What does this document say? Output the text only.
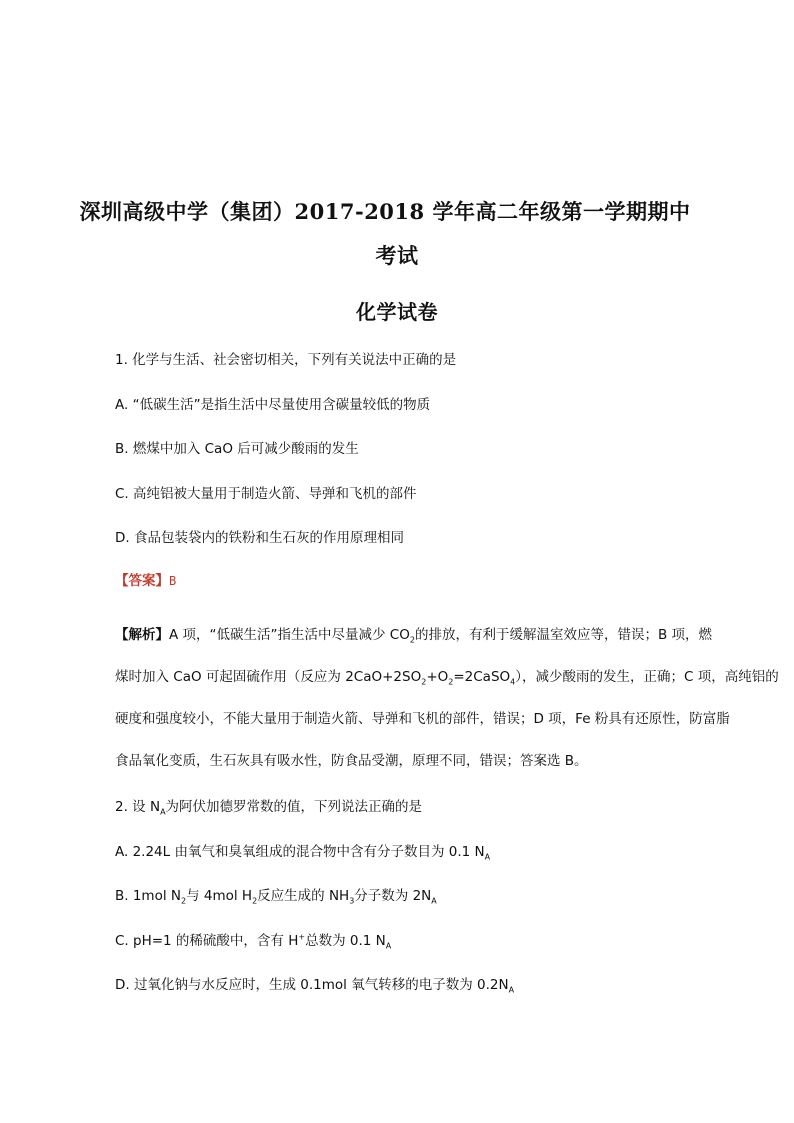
深圳高级中学（集团）2017-2018 学年高二年级第一学期期中
考试
化学试卷
1. 化学与生活、社会密切相关，下列有关说法中正确的是
A. “低碳生活”是指生活中尽量使用含碳量较低的物质
B. 燃煤中加入 CaO 后可减少酸雨的发生
C. 高纯铝被大量用于制造火箭、导弹和飞机的部件
D. 食品包装袋内的铁粉和生石灰的作用原理相同
【答案】B

【解析】A 项，“低碳生活”指生活中尽量减少 $CO_2$的排放，有利于缓解温室效应等，错误；B 项，燃

煤时加入 CaO 可起固硫作用（反应为 $2CaO+2SO_2+O_2=2CaSO_4$），减少酸雨的发生，正确；C 项，高纯铝的

硬度和强度较小，不能大量用于制造火箭、导弹和飞机的部件，错误；D 项，Fe 粉具有还原性，防富脂

食品氧化变质，生石灰具有吸水性，防食品受潮，原理不同，错误；答案选 B。

2. 设 $N_A$为阿伏加德罗常数的值，下列说法正确的是
A. 2.24L 由氧气和臭氧组成的混合物中含有分子数目为 0.1 $N_A$
B. 1mol $N_2$与 4mol $H_2$反应生成的 $NH_3$分子数为 $2N_A$
C. pH=1 的稀硫酸中，含有 H+总数为 0.1 $N_A$
D. 过氧化钠与水反应时，生成 0.1mol 氧气转移的电子数为 $0.2N_A$
